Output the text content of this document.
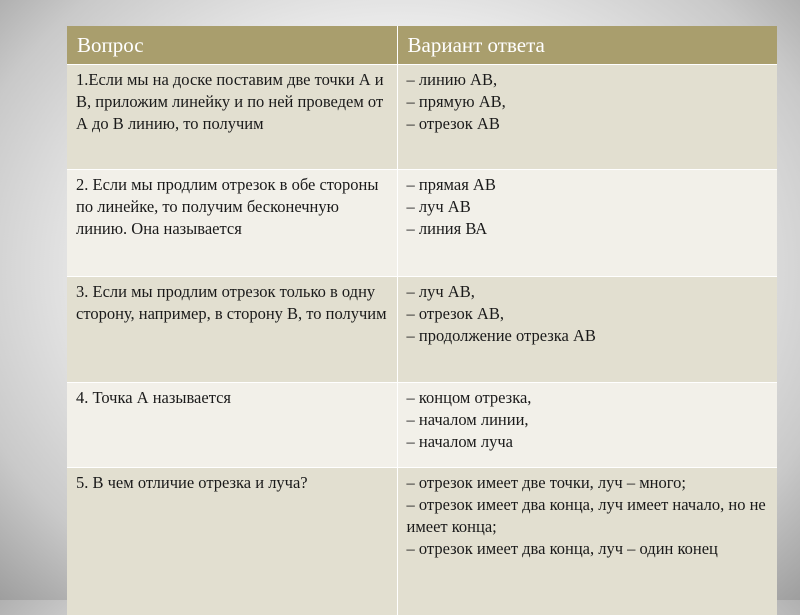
Вопрос	Вариант ответа
1.Если мы на доске поставим две точки А и В, приложим линейку и по ней проведем от А до В линию, то получим	– линию АВ,
– прямую АВ,
– отрезок АВ
2. Если мы продлим отрезок в обе стороны по линейке, то получим бесконечную линию. Она называется	– прямая АВ
– луч АВ
– линия ВА
3. Если мы продлим отрезок только в одну сторону, например, в сторону В, то получим	– луч АВ,
– отрезок АВ,
– продолжение отрезка АВ
4. Точка А называется	– концом отрезка,
– началом линии,
– началом луча
5. В чем отличие отрезка и луча?	– отрезок имеет две точки, луч – много;
– отрезок имеет два конца, луч имеет начало, но не имеет конца;
– отрезок имеет два конца, луч – один конец
